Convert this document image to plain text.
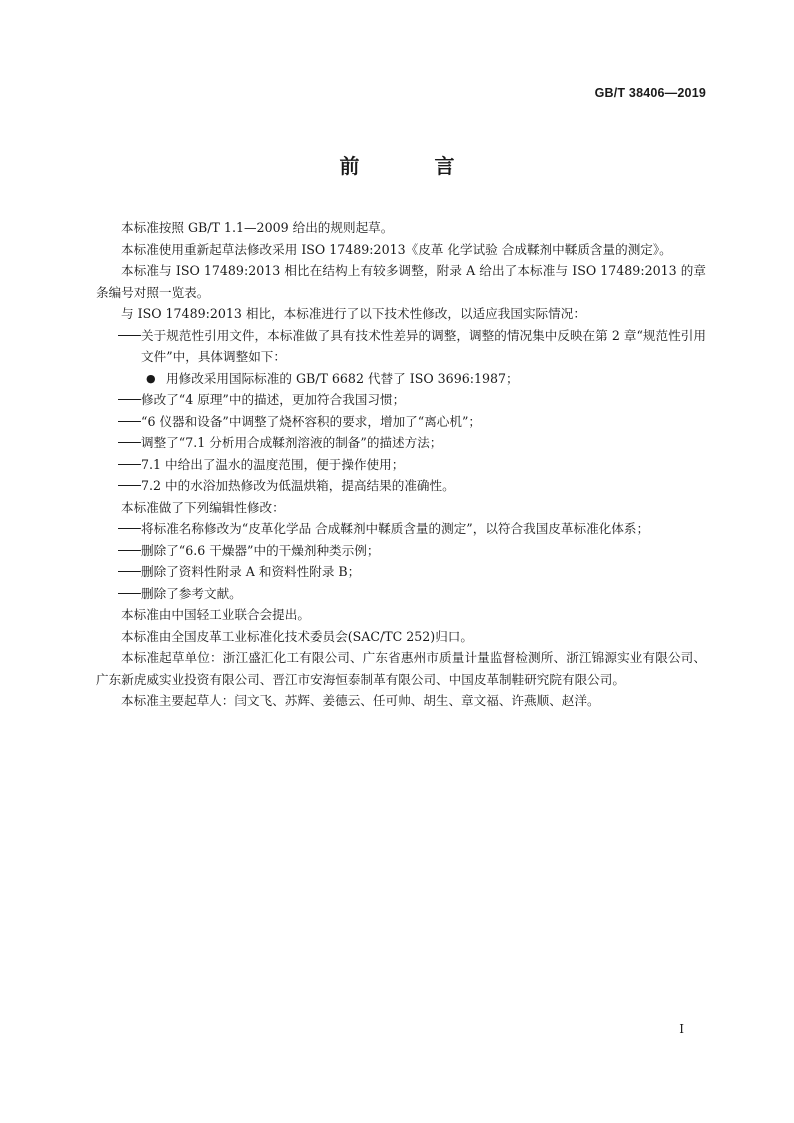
GB/T 38406—2019
前 言

本标准按照 GB/T 1.1—2009 给出的规则起草。

本标准使用重新起草法修改采用 ISO 17489:2013《皮革 化学试验 合成鞣剂中鞣质含量的测定》。

本标准与 ISO 17489:2013 相比在结构上有较多调整，附录 A 给出了本标准与 ISO 17489:2013 的章条编号对照一览表。

与 ISO 17489:2013 相比，本标准进行了以下技术性修改，以适应我国实际情况：

关于规范性引用文件，本标准做了具有技术性差异的调整，调整的情况集中反映在第 2 章“规范性引用文件”中，具体调整如下：
● 用修改采用国际标准的 GB/T 6682 代替了 ISO 3696:1987；
修改了“4 原理”中的描述，更加符合我国习惯；
“6 仪器和设备”中调整了烧杯容积的要求，增加了“离心机”；
调整了“7.1 分析用合成鞣剂溶液的制备”的描述方法；
7.1 中给出了温水的温度范围，便于操作使用；
7.2 中的水浴加热修改为低温烘箱，提高结果的准确性。

本标准做了下列编辑性修改：

将标准名称修改为“皮革化学品 合成鞣剂中鞣质含量的测定”，以符合我国皮革标准化体系；
删除了“6.6 干燥器”中的干燥剂种类示例；
删除了资料性附录 A 和资料性附录 B；
删除了参考文献。

本标准由中国轻工业联合会提出。

本标准由全国皮革工业标准化技术委员会(SAC/TC 252)归口。

本标准起草单位：浙江盛汇化工有限公司、广东省惠州市质量计量监督检测所、浙江锦源实业有限公司、广东新虎威实业投资有限公司、晋江市安海恒泰制革有限公司、中国皮革制鞋研究院有限公司。

本标准主要起草人：闫文飞、苏辉、姜德云、任可帅、胡生、章文福、许燕顺、赵洋。

I
